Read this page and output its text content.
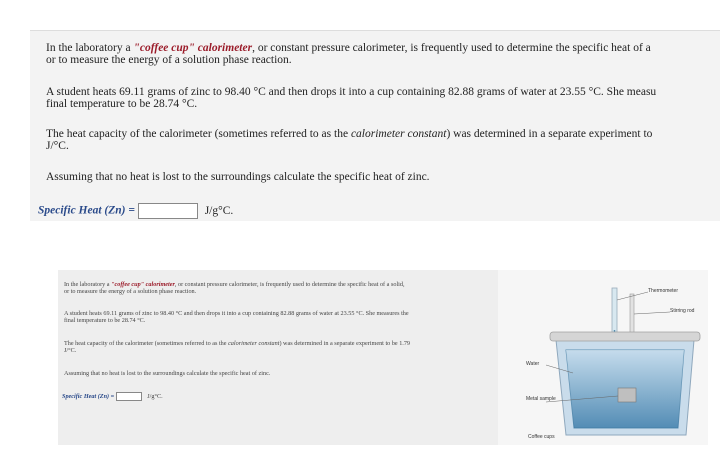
In the laboratory a "coffee cup" calorimeter, or constant pressure calorimeter, is frequently used to determine the specific heat of a

or to measure the energy of a solution phase reaction.

A student heats 69.11 grams of zinc to 98.40 °C and then drops it into a cup containing 82.88 grams of water at 23.55 °C. She measu

final temperature to be 28.74 °C.

The heat capacity of the calorimeter (sometimes referred to as the calorimeter constant) was determined in a separate experiment to

J/°C.

Assuming that no heat is lost to the surroundings calculate the specific heat of zinc.

Specific Heat (Zn) =	J/g°C.

In the laboratory a "coffee cup" calorimeter, or constant pressure calorimeter, is frequently used to determine the specific heat of a solid,

or to measure the energy of a solution phase reaction.

A student heats 69.11 grams of zinc to 98.40 °C and then drops it into a cup containing 82.88 grams of water at 23.55 °C. She measures the

final temperature to be 28.74 °C.

The heat capacity of the calorimeter (sometimes referred to as the calorimeter constant) was determined in a separate experiment to be 1.79

J/°C.

Assuming that no heat is lost to the surroundings calculate the specific heat of zinc.

Specific Heat (Zn) =	J/g°C.

Thermometer
Stirring rod
Water
Metal sample
Coffee cups
